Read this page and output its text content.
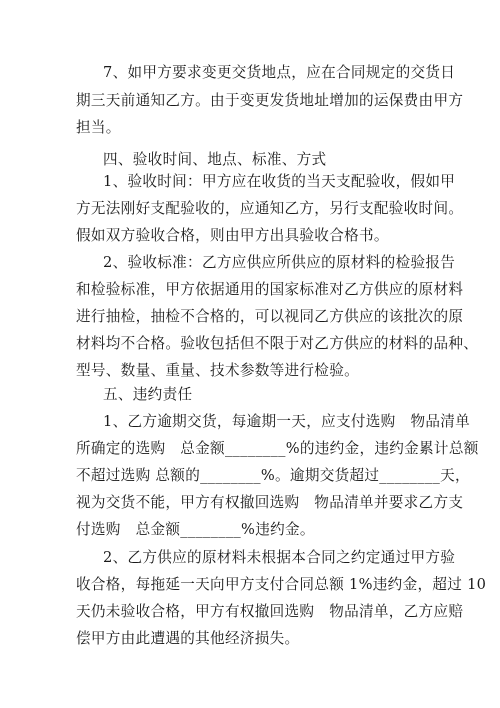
7、如甲方要求变更交货地点，应在合同规定的交货日
期三天前通知乙方。由于变更发货地址增加的运保费由甲方
担当。
四、验收时间、地点、标准、方式
1、验收时间：甲方应在收货的当天支配验收，假如甲
方无法刚好支配验收的，应通知乙方，另行支配验收时间。
假如双方验收合格，则由甲方出具验收合格书。
2、验收标准：乙方应供应所供应的原材料的检验报告
和检验标准，甲方依据通用的国家标准对乙方供应的原材料
进行抽检，抽检不合格的，可以视同乙方供应的该批次的原
材料均不合格。验收包括但不限于对乙方供应的材料的品种、
型号、数量、重量、技术参数等进行检验。
五、违约责任
1、乙方逾期交货，每逾期一天，应支付选购　物品清单
所确定的选购　总金额________%的违约金，违约金累计总额
不超过选购 总额的________%。逾期交货超过________天，
视为交货不能，甲方有权撤回选购　物品清单并要求乙方支
付选购　总金额________%违约金。
2、乙方供应的原材料未根据本合同之约定通过甲方验
收合格，每拖延一天向甲方支付合同总额 1%违约金，超过 10
天仍未验收合格，甲方有权撤回选购　物品清单，乙方应赔
偿甲方由此遭遇的其他经济损失。
